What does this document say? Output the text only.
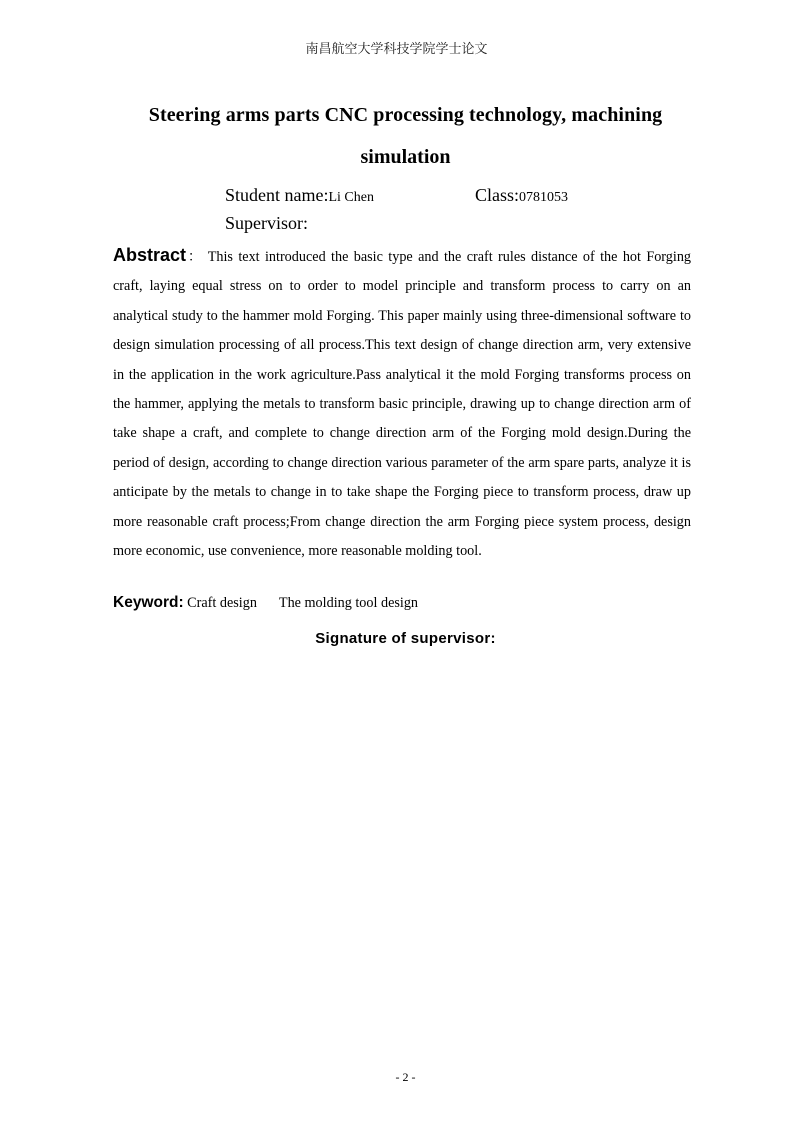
南昌航空大学科技学院学士论文
Steering arms parts CNC processing technology, machining
simulation
Student name:Li Chen	Class:0781053
Supervisor:
Abstract： This text introduced the basic type and the craft rules distance of the hot Forging craft, laying equal stress on to order to model principle and transform process to carry on an analytical study to the hammer mold Forging. This paper mainly using three-dimensional software to design simulation processing of all process.This text design of change direction arm, very extensive in the application in the work agriculture.Pass analytical it the mold Forging transforms process on the hammer, applying the metals to transform basic principle, drawing up to change direction arm of take shape a craft, and complete to change direction arm of the Forging mold design.During the period of design, according to change direction various parameter of the arm spare parts, analyze it is anticipate by the metals to change in to take shape the Forging piece to transform process, draw up more reasonable craft process;From change direction the arm Forging piece system process, design more economic, use convenience, more reasonable molding tool.
Keyword: Craft design The molding tool design
Signature of supervisor:
- 2 -
